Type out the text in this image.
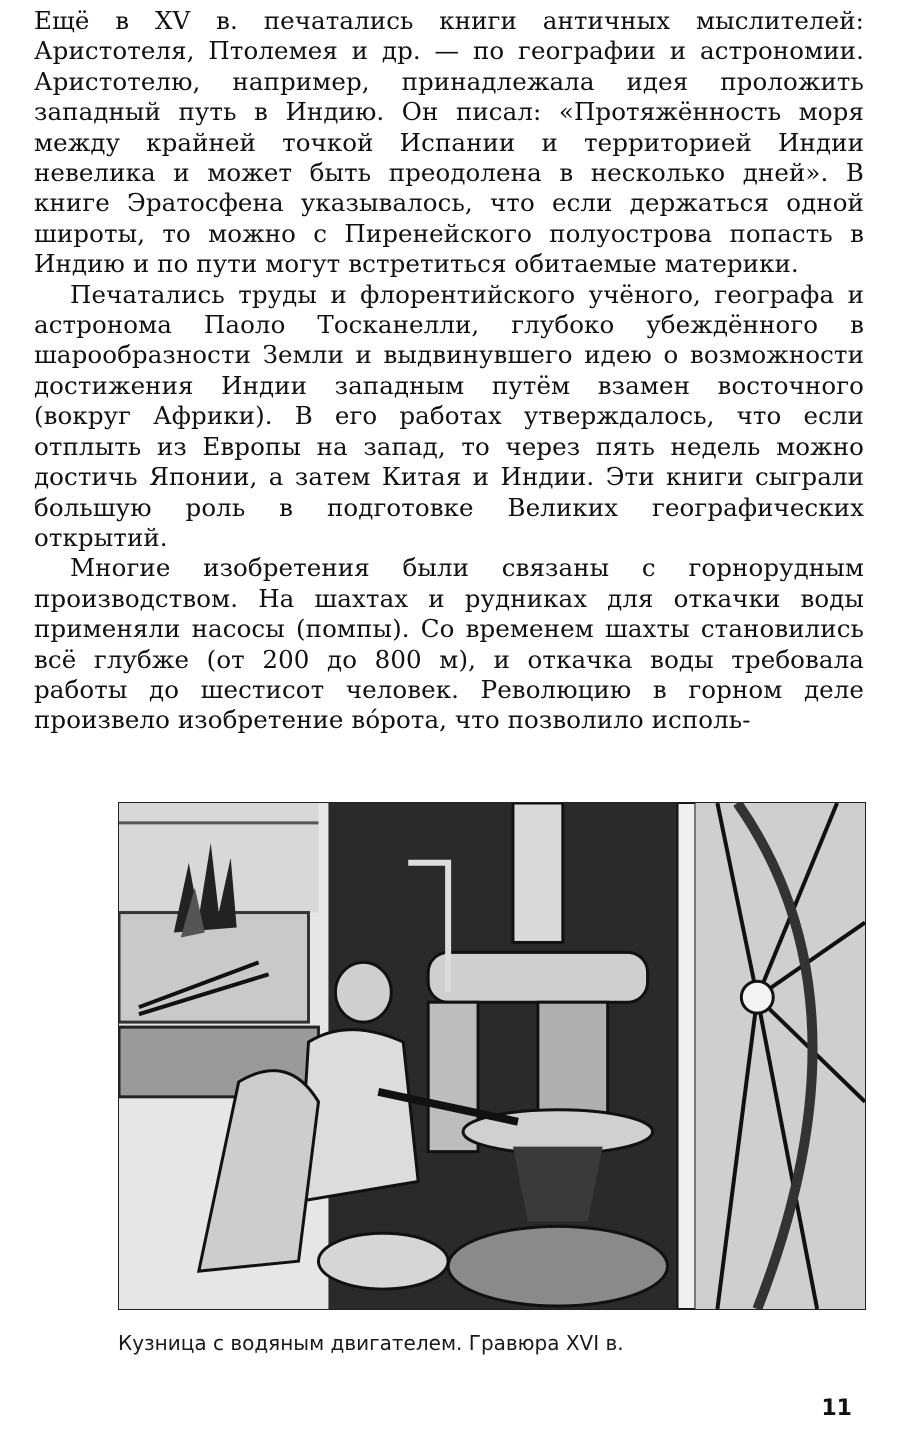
Ещё в XV в. печатались книги античных мыслителей: Аристотеля, Птолемея и др. — по географии и астрономии. Аристотелю, например, принадлежала идея проложить западный путь в Индию. Он писал: «Протяжённость моря между крайней точкой Испании и территорией Индии невелика и может быть преодолена в несколько дней». В книге Эратосфена указывалось, что если держаться одной широты, то можно с Пиренейского полуострова попасть в Индию и по пути могут встретиться обитаемые материки.

Печатались труды и флорентийского учёного, географа и астронома Паоло Тосканелли, глубоко убеждённого в шарообразности Земли и выдвинувшего идею о возможности достижения Индии западным путём взамен восточного (вокруг Африки). В его работах утверждалось, что если отплыть из Европы на запад, то через пять недель можно достичь Японии, а затем Китая и Индии. Эти книги сыграли большую роль в подготовке Великих географических открытий.

Многие изобретения были связаны с горнорудным производством. На шахтах и рудниках для откачки воды применяли насосы (помпы). Со временем шахты становились всё глубже (от 200 до 800 м), и откачка воды требовала работы до шестисот человек. Революцию в горном деле произвело изобретение вóрота, что позволило исполь-

Кузница с водяным двигателем. Гравюра XVI в.
11
